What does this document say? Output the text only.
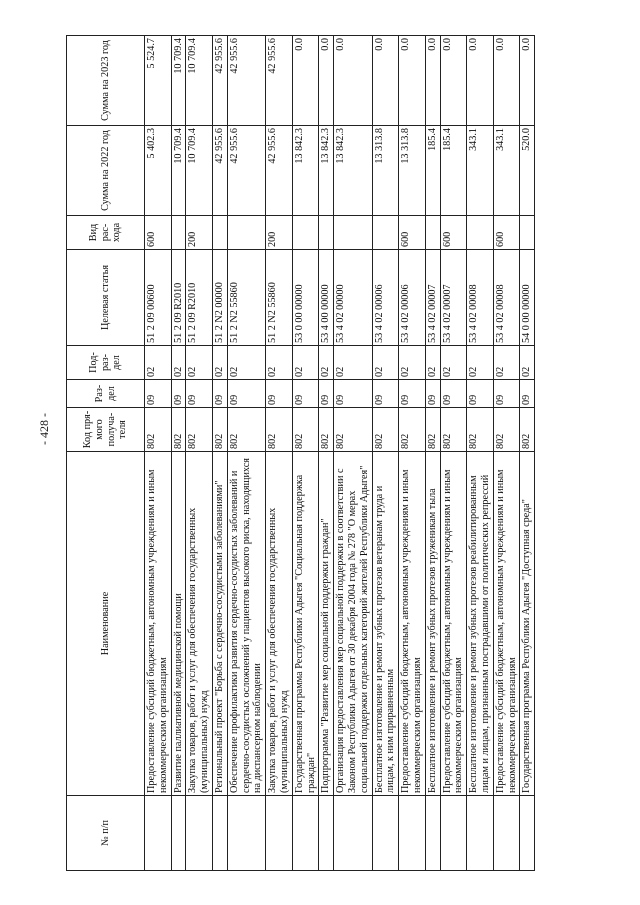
- 428 -
№ п/п	Наименование	Код пря- мого получа- теля	Раз- дел	Под- раз- дел	Целевая статья	Вид рас- хода	Сумма на 2022 год	Сумма на 2023 год
	Предоставление субсидий бюджетным, автономным учреждениям и иным некоммерческим организациям	802	09	02	51 2 09 00600	600	5 402.3	5 524.7
	Развитие паллиативной медицинской помощи	802	09	02	51 2 09 R2010		10 709.4	10 709.4
	Закупка товаров, работ и услуг для обеспечения государственных (муниципальных) нужд	802	09	02	51 2 09 R2010	200	10 709.4	10 709.4
	Региональный проект "Борьба с сердечно-сосудистыми заболеваниями"	802	09	02	51 2 N2 00000		42 955.6	42 955.6
	Обеспечение профилактики развития сердечно-сосудистых заболеваний и сердечно-сосудистых осложнений у пациентов высокого риска, находящихся на диспансерном наблюдении	802	09	02	51 2 N2 55860		42 955.6	42 955.6
	Закупка товаров, работ и услуг для обеспечения государственных (муниципальных) нужд	802	09	02	51 2 N2 55860	200	42 955.6	42 955.6
	Государственная программа Республики Адыгея "Социальная поддержка граждан"	802	09	02	53 0 00 00000		13 842.3	0.0
	Подпрограмма "Развитие мер социальной поддержки граждан"	802	09	02	53 4 00 00000		13 842.3	0.0
	Организация предоставления мер социальной поддержки в соответствии с Законом Республики Адыгея от 30 декабря 2004 года № 278 "О мерах социальной поддержки отдельных категорий жителей Республики Адыгея"	802	09	02	53 4 02 00000		13 842.3	0.0
	Бесплатное изготовление и ремонт зубных протезов ветеранам труда и лицам, к ним приравненным	802	09	02	53 4 02 00006		13 313.8	0.0
	Предоставление субсидий бюджетным, автономным учреждениям и иным некоммерческим организациям	802	09	02	53 4 02 00006	600	13 313.8	0.0
	Бесплатное изготовление и ремонт зубных протезов труженикам тыла	802	09	02	53 4 02 00007		185.4	0.0
	Предоставление субсидий бюджетным, автономным учреждениям и иным некоммерческим организациям	802	09	02	53 4 02 00007	600	185.4	0.0
	Бесплатное изготовление и ремонт зубных протезов реабилитированным лицам и лицам, признанным пострадавшими от политических репрессий	802	09	02	53 4 02 00008		343.1	0.0
	Предоставление субсидий бюджетным, автономным учреждениям и иным некоммерческим организациям	802	09	02	53 4 02 00008	600	343.1	0.0
	Государственная программа Республики Адыгея "Доступная среда"	802	09	02	54 0 00 00000		520.0	0.0
